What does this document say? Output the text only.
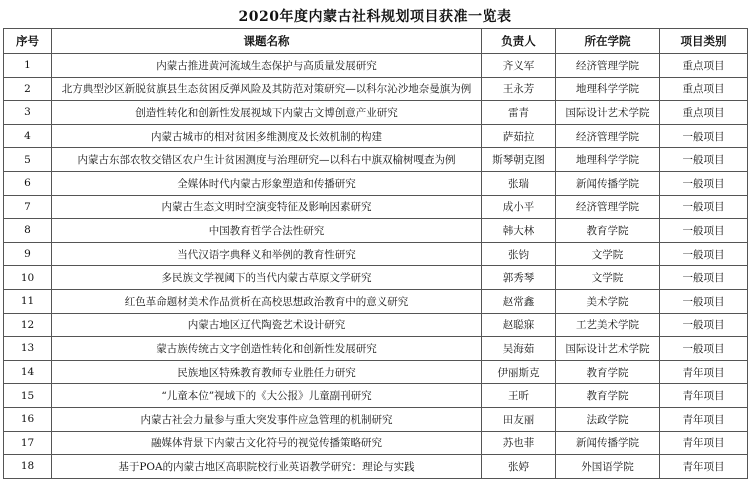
2020年度内蒙古社科规划项目获准一览表
序号	课题名称	负责人	所在学院	项目类别
1	内蒙古推进黄河流域生态保护与高质量发展研究	齐义军	经济管理学院	重点项目
2	北方典型沙区新脱贫旗县生态贫困反弹风险及其防范对策研究—以科尔沁沙地奈曼旗为例	王永芳	地理科学学院	重点项目
3	创造性转化和创新性发展视域下内蒙古文博创意产业研究	雷青	国际设计艺术学院	重点项目
4	内蒙古城市的相对贫困多维测度及长效机制的构建	萨茹拉	经济管理学院	一般项目
5	内蒙古东部农牧交错区农户生计贫困测度与治理研究—以科右中旗双榆树嘎查为例	斯琴朝克图	地理科学学院	一般项目
6	全媒体时代内蒙古形象塑造和传播研究	张瑞	新闻传播学院	一般项目
7	内蒙古生态文明时空演变特征及影响因素研究	成小平	经济管理学院	一般项目
8	中国教育哲学合法性研究	韩大林	教育学院	一般项目
9	当代汉语字典释义和举例的教育性研究	张钧	文学院	一般项目
10	多民族文学视阈下的当代内蒙古草原文学研究	郭秀琴	文学院	一般项目
11	红色革命题材美术作品赏析在高校思想政治教育中的意义研究	赵常鑫	美术学院	一般项目
12	内蒙古地区辽代陶瓷艺术设计研究	赵聪寐	工艺美术学院	一般项目
13	蒙古族传统古文字创造性转化和创新性发展研究	吴海茹	国际设计艺术学院	一般项目
14	民族地区特殊教育教师专业胜任力研究	伊丽斯克	教育学院	青年项目
15	“儿童本位”视域下的《大公报》儿童副刊研究	王昕	教育学院	青年项目
16	内蒙古社会力量参与重大突发事件应急管理的机制研究	田友丽	法政学院	青年项目
17	融媒体背景下内蒙古文化符号的视觉传播策略研究	苏也菲	新闻传播学院	青年项目
18	基于POA的内蒙古地区高职院校行业英语教学研究：理论与实践	张婷	外国语学院	青年项目
